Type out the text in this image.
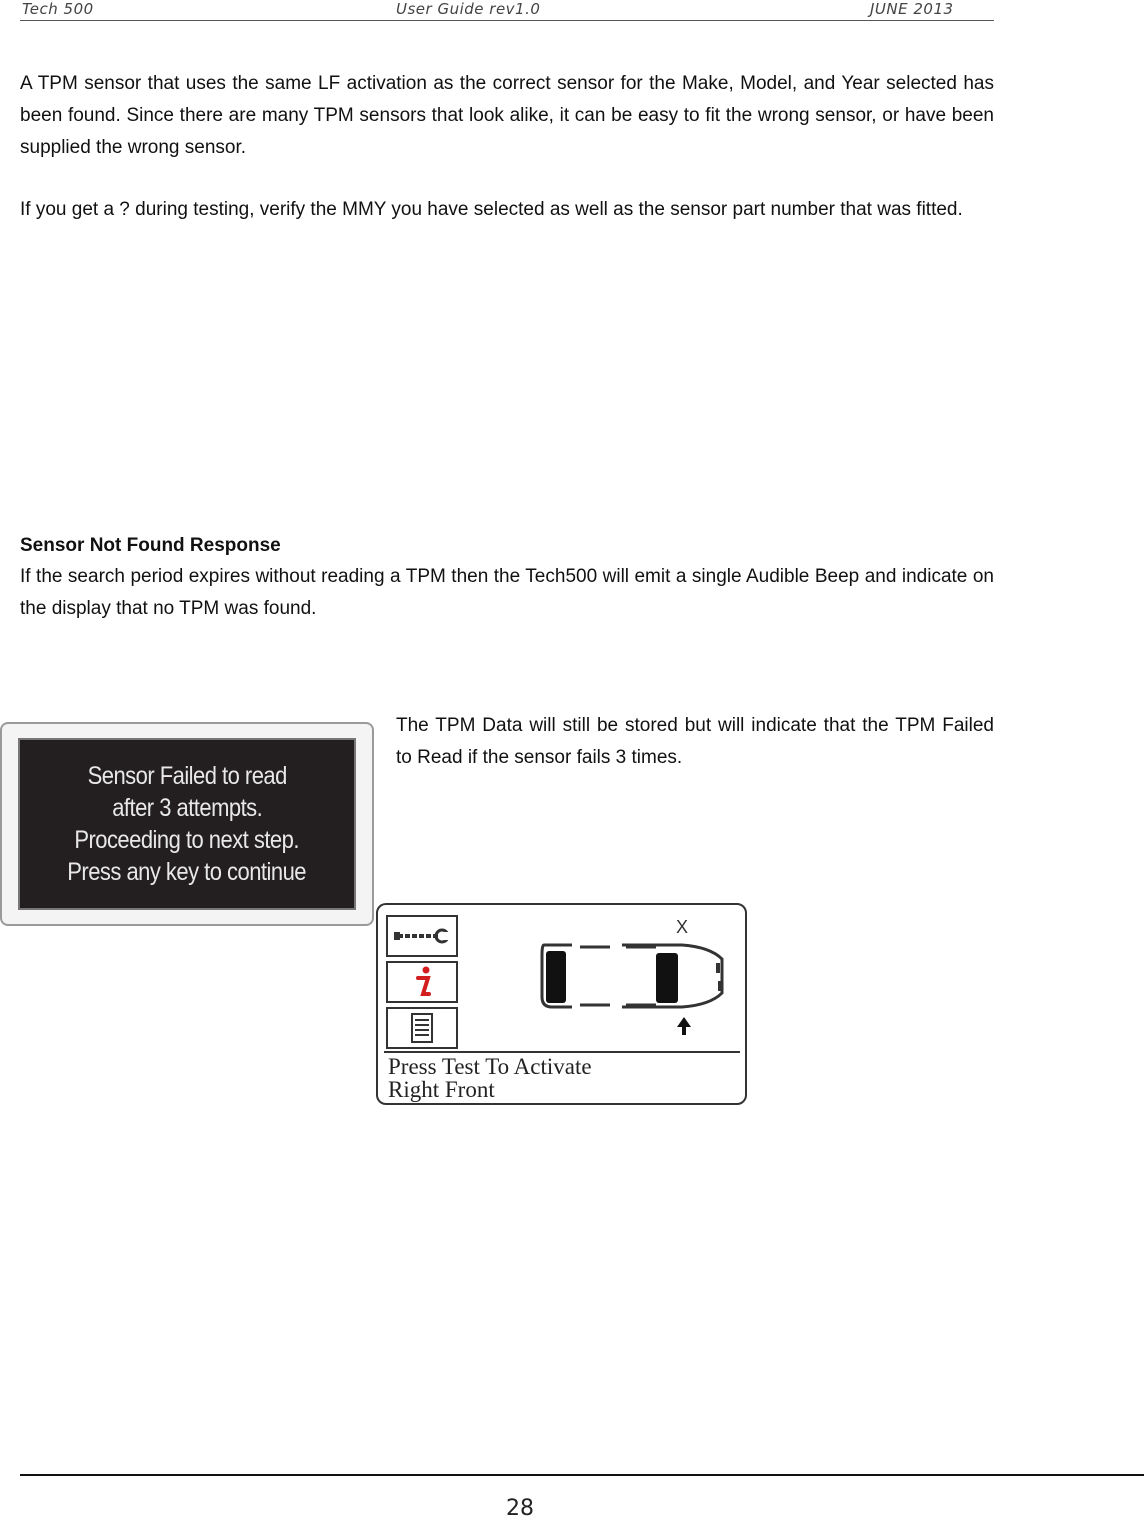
Tech 500	User Guide rev1.0	JUNE 2013

A TPM sensor that uses the same LF activation as the correct sensor for the Make, Model, and Year selected has been found. Since there are many TPM sensors that look alike, it can be easy to fit the wrong sensor, or have been supplied the wrong sensor.

If you get a ? during testing, verify the MMY you have selected as well as the sensor part number that was fitted.

Sensor Not Found Response

If the search period expires without reading a TPM then the Tech500 will emit a single Audible Beep and indicate on the display that no TPM was found.

Sensor Failed to read
after 3 attempts.
Proceeding to next step.
Press any key to continue

The TPM Data will still be stored but will indicate that the TPM Failed to Read if the sensor fails 3 times.

X
Press Test To Activate
Right Front
28
